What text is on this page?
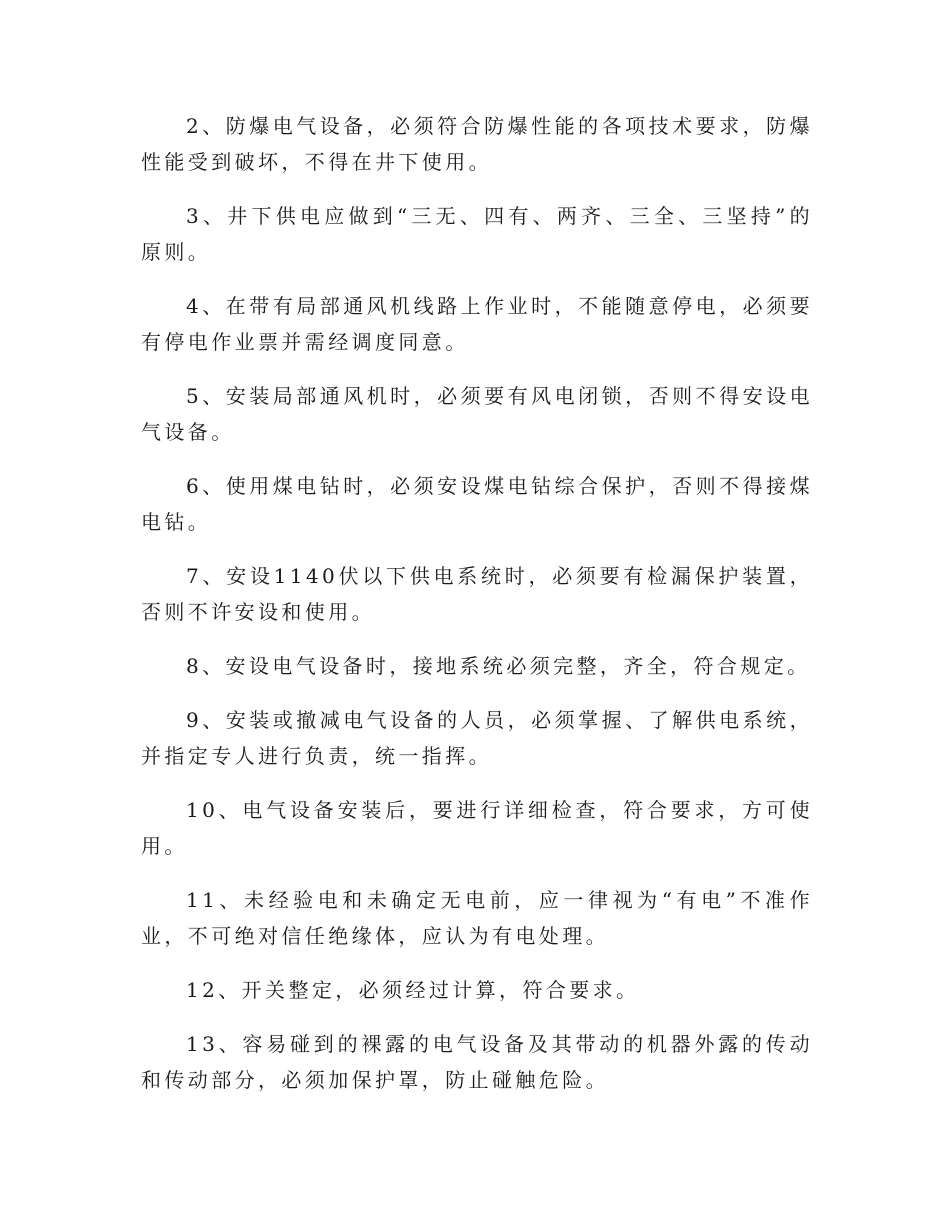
2、防爆电气设备，必须符合防爆性能的各项技术要求，防爆性能受到破坏，不得在井下使用。

3、井下供电应做到“三无、四有、两齐、三全、三坚持”的原则。

4、在带有局部通风机线路上作业时，不能随意停电，必须要有停电作业票并需经调度同意。

5、安装局部通风机时，必须要有风电闭锁，否则不得安设电气设备。

6、使用煤电钻时，必须安设煤电钻综合保护，否则不得接煤电钻。

7、安设1140伏以下供电系统时，必须要有检漏保护装置，否则不许安设和使用。

8、安设电气设备时，接地系统必须完整，齐全，符合规定。

9、安装或撤减电气设备的人员，必须掌握、了解供电系统，并指定专人进行负责，统一指挥。

10、电气设备安装后，要进行详细检查，符合要求，方可使用。

11、未经验电和未确定无电前，应一律视为“有电”不准作业，不可绝对信任绝缘体，应认为有电处理。

12、开关整定，必须经过计算，符合要求。

13、容易碰到的裸露的电气设备及其带动的机器外露的传动和传动部分，必须加保护罩，防止碰触危险。
